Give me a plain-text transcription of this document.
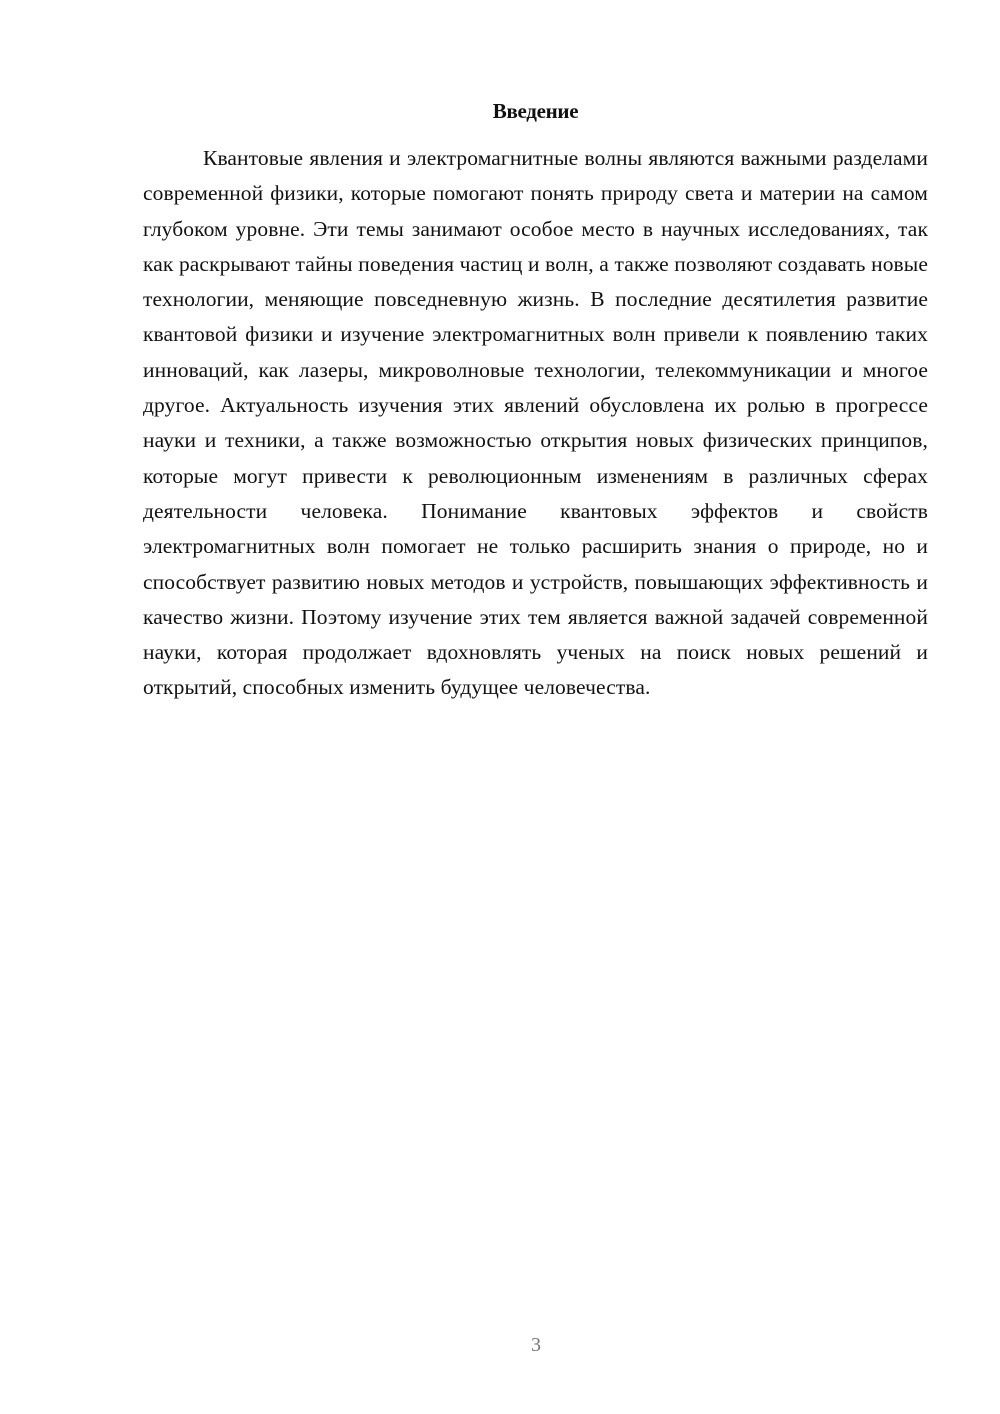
Введение

Квантовые явления и электромагнитные волны являются важными разделами современной физики, которые помогают понять природу света и материи на самом глубоком уровне. Эти темы занимают особое место в научных исследованиях, так как раскрывают тайны поведения частиц и волн, а также позволяют создавать новые технологии, меняющие повседневную жизнь. В последние десятилетия развитие квантовой физики и изучение электромагнитных волн привели к появлению таких инноваций, как лазеры, микроволновые технологии, телекоммуникации и многое другое. Актуальность изучения этих явлений обусловлена их ролью в прогрессе науки и техники, а также возможностью открытия новых физических принципов, которые могут привести к революционным изменениям в различных сферах деятельности человека. Понимание квантовых эффектов и свойств электромагнитных волн помогает не только расширить знания о природе, но и способствует развитию новых методов и устройств, повышающих эффективность и качество жизни. Поэтому изучение этих тем является важной задачей современной науки, которая продолжает вдохновлять ученых на поиск новых решений и открытий, способных изменить будущее человечества.

3
